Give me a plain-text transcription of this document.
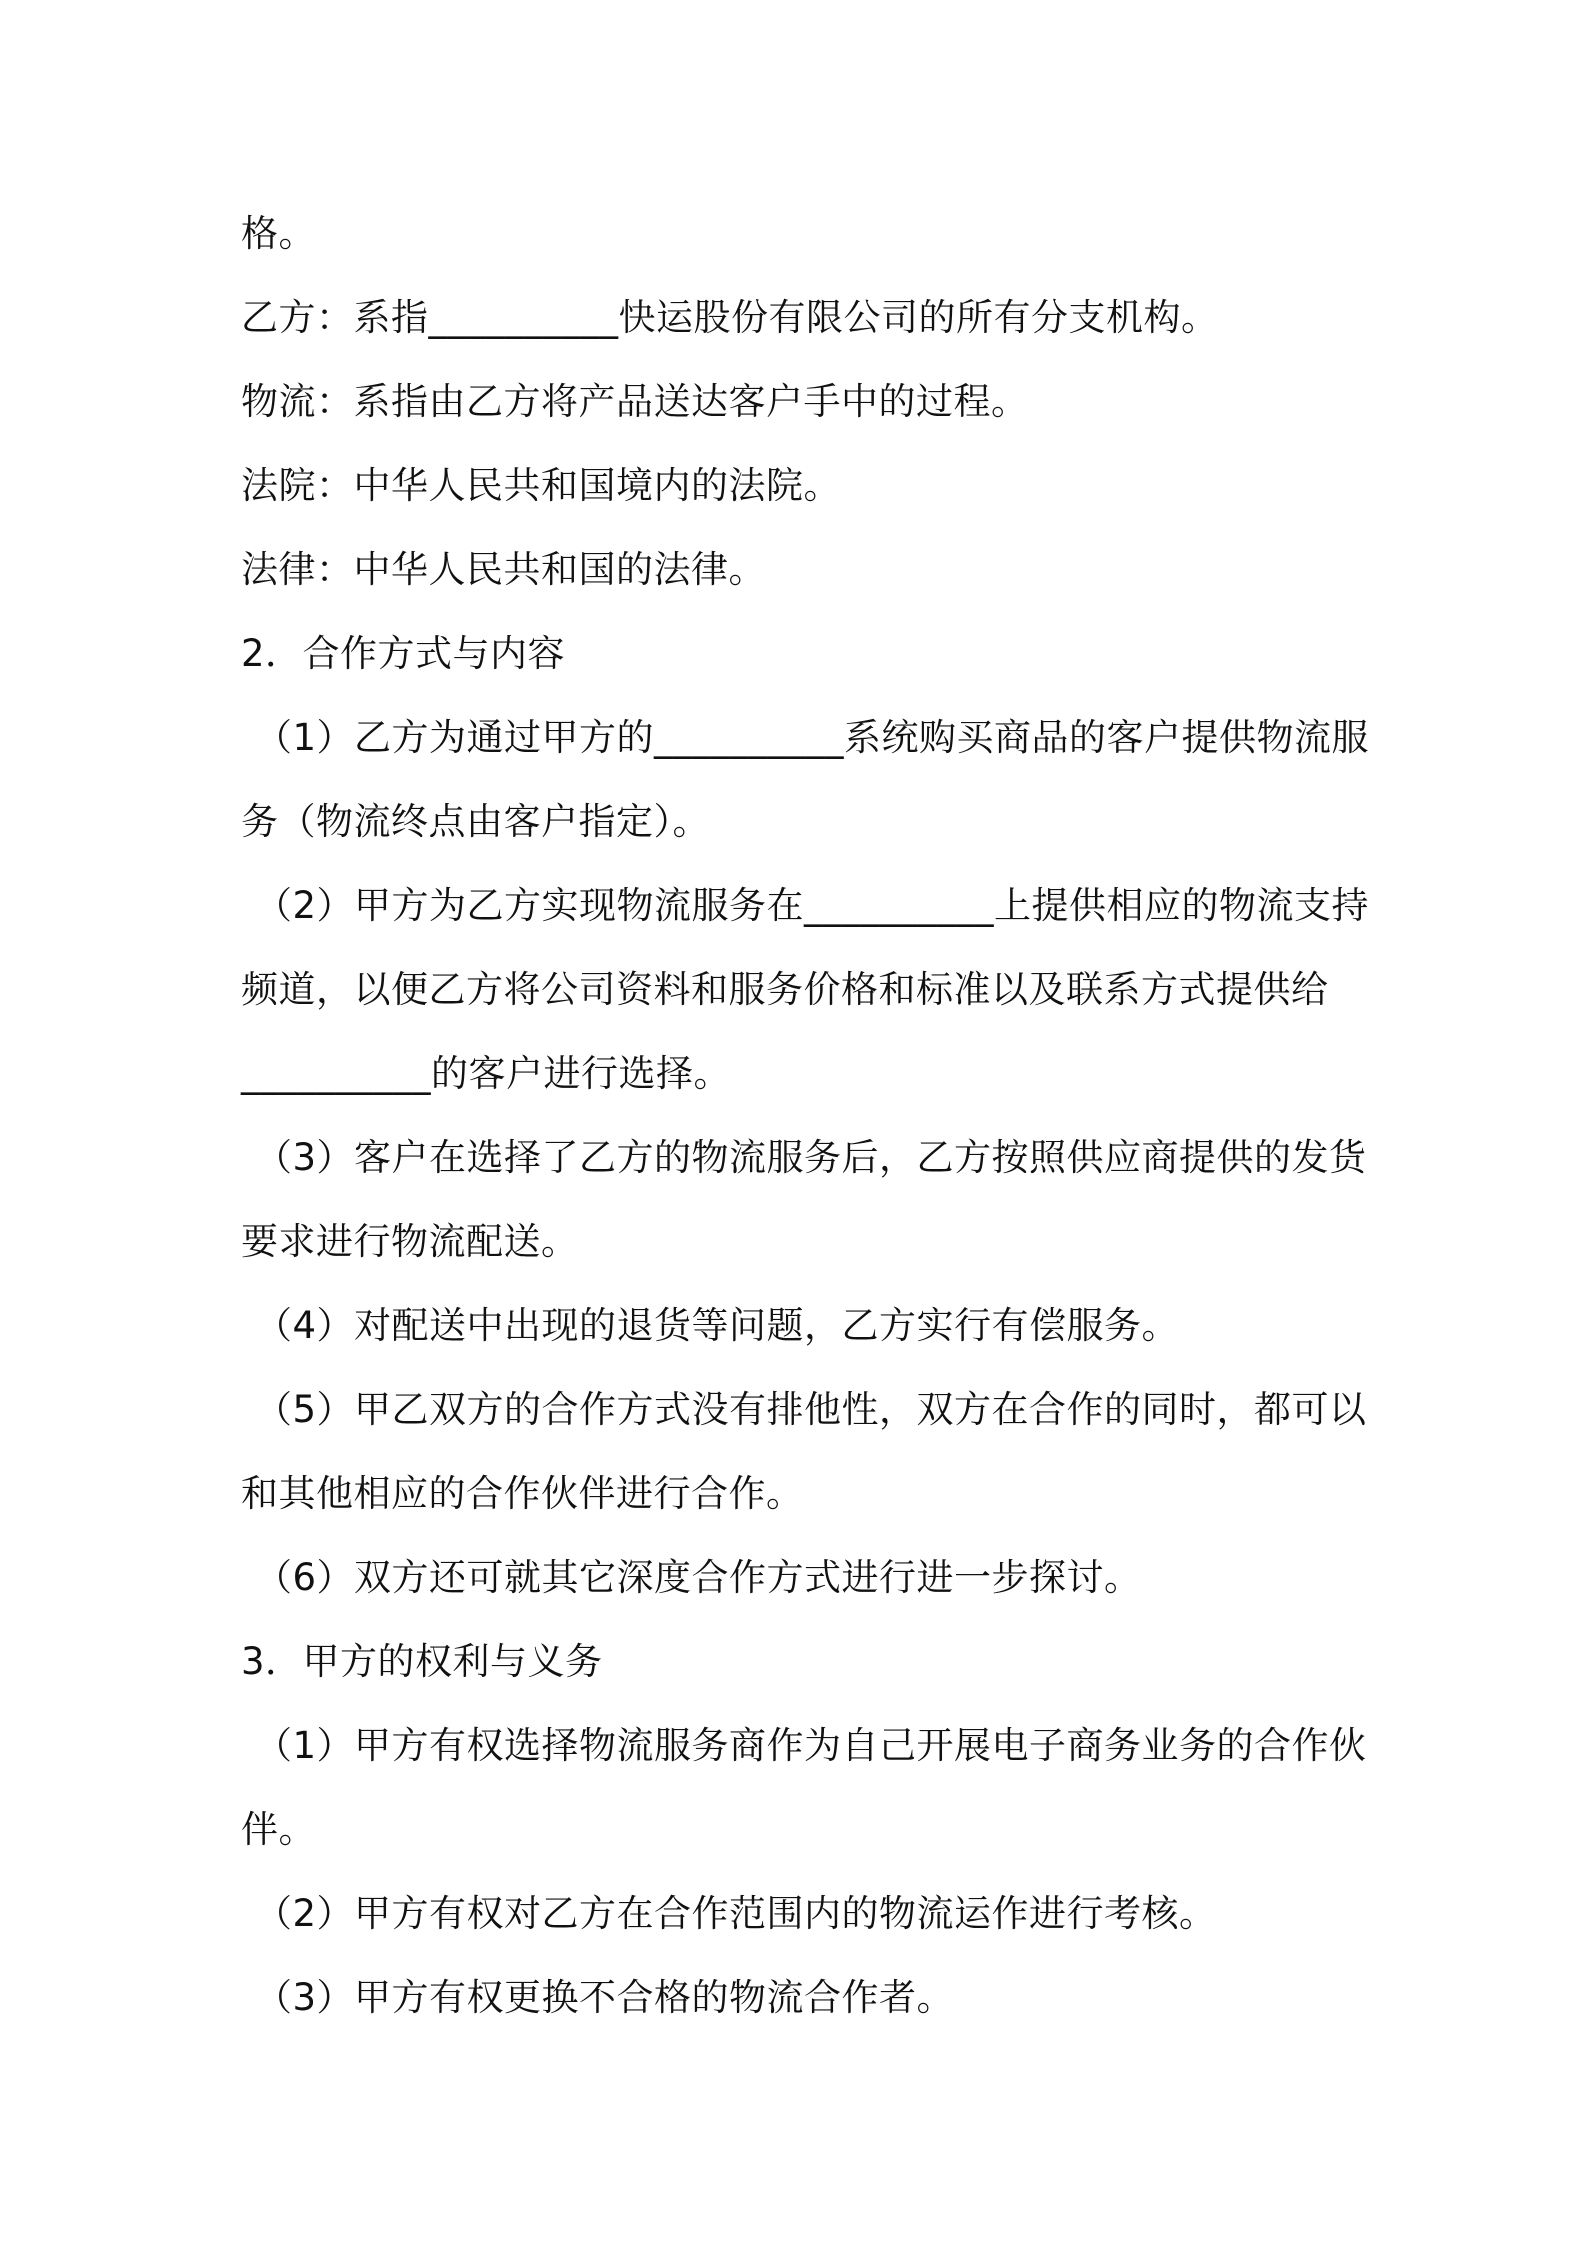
格。
乙方：系指__________快运股份有限公司的所有分支机构。
物流：系指由乙方将产品送达客户手中的过程。
法院：中华人民共和国境内的法院。
法律：中华人民共和国的法律。
2．合作方式与内容
（1）乙方为通过甲方的__________系统购买商品的客户提供物流服
务（物流终点由客户指定）。
（2）甲方为乙方实现物流服务在__________上提供相应的物流支持
频道，以便乙方将公司资料和服务价格和标准以及联系方式提供给
__________的客户进行选择。
（3）客户在选择了乙方的物流服务后，乙方按照供应商提供的发货
要求进行物流配送。
（4）对配送中出现的退货等问题，乙方实行有偿服务。
（5）甲乙双方的合作方式没有排他性，双方在合作的同时，都可以
和其他相应的合作伙伴进行合作。
（6）双方还可就其它深度合作方式进行进一步探讨。
3．甲方的权利与义务
（1）甲方有权选择物流服务商作为自己开展电子商务业务的合作伙
伴。
（2）甲方有权对乙方在合作范围内的物流运作进行考核。
（3）甲方有权更换不合格的物流合作者。
